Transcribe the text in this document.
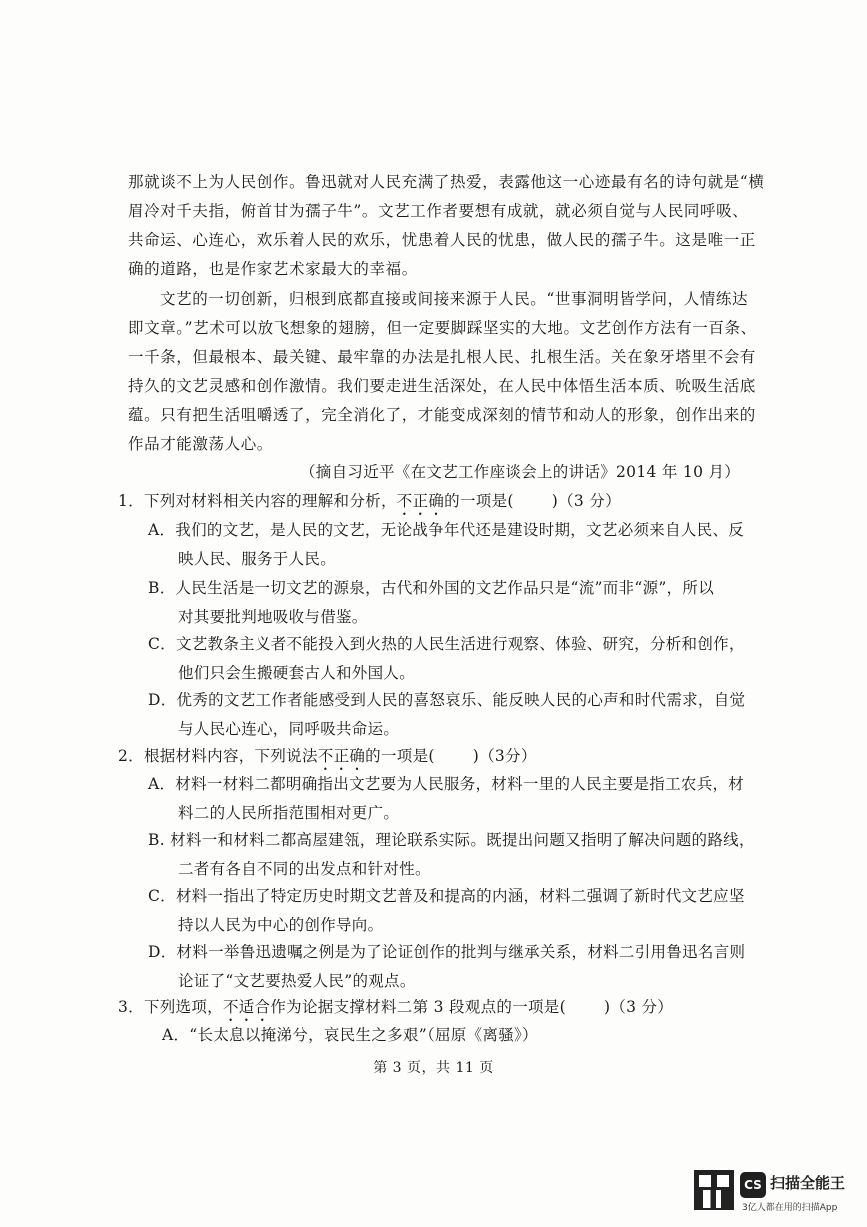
那就谈不上为人民创作。鲁迅就对人民充满了热爱，表露他这一心迹最有名的诗句就是“横
眉冷对千夫指，俯首甘为孺子牛”。文艺工作者要想有成就，就必须自觉与人民同呼吸、
共命运、心连心，欢乐着人民的欢乐，忧患着人民的忧患，做人民的孺子牛。这是唯一正
确的道路，也是作家艺术家最大的幸福。
文艺的一切创新，归根到底都直接或间接来源于人民。“世事洞明皆学问，人情练达
即文章。”艺术可以放飞想象的翅膀，但一定要脚踩坚实的大地。文艺创作方法有一百条、
一千条，但最根本、最关键、最牢靠的办法是扎根人民、扎根生活。关在象牙塔里不会有
持久的文艺灵感和创作激情。我们要走进生活深处，在人民中体悟生活本质、吮吸生活底
蕴。只有把生活咀嚼透了，完全消化了，才能变成深刻的情节和动人的形象，创作出来的
作品才能激荡人心。
（摘自习近平《在文艺工作座谈会上的讲话》2014 年 10 月）
1．下列对材料相关内容的理解和分析，不正确的一项是( )（3 分）
A．我们的文艺，是人民的文艺，无论战争年代还是建设时期，文艺必须来自人民、反
映人民、服务于人民。
B．人民生活是一切文艺的源泉，古代和外国的文艺作品只是“流”而非“源”，所以
对其要批判地吸收与借鉴。
C．文艺教条主义者不能投入到火热的人民生活进行观察、体验、研究，分析和创作，
他们只会生搬硬套古人和外国人。
D．优秀的文艺工作者能感受到人民的喜怒哀乐、能反映人民的心声和时代需求，自觉
与人民心连心，同呼吸共命运。
2．根据材料内容，下列说法不正确的一项是( )（3分）
A．材料一材料二都明确指出文艺要为人民服务，材料一里的人民主要是指工农兵，材
料二的人民所指范围相对更广。
B. 材料一和材料二都高屋建瓴，理论联系实际。既提出问题又指明了解决问题的路线，
二者有各自不同的出发点和针对性。
C．材料一指出了特定历史时期文艺普及和提高的内涵，材料二强调了新时代文艺应坚
持以人民为中心的创作导向。
D．材料一举鲁迅遗嘱之例是为了论证创作的批判与继承关系，材料二引用鲁迅名言则
论证了“文艺要热爱人民”的观点。
3．下列选项，不适合作为论据支撑材料二第 3 段观点的一项是( )（3 分）
A．“长太息以掩涕兮，哀民生之多艰”（屈原《离骚》）
第 3 页，共 11 页
CS 扫描全能王
3亿人都在用的扫描App
